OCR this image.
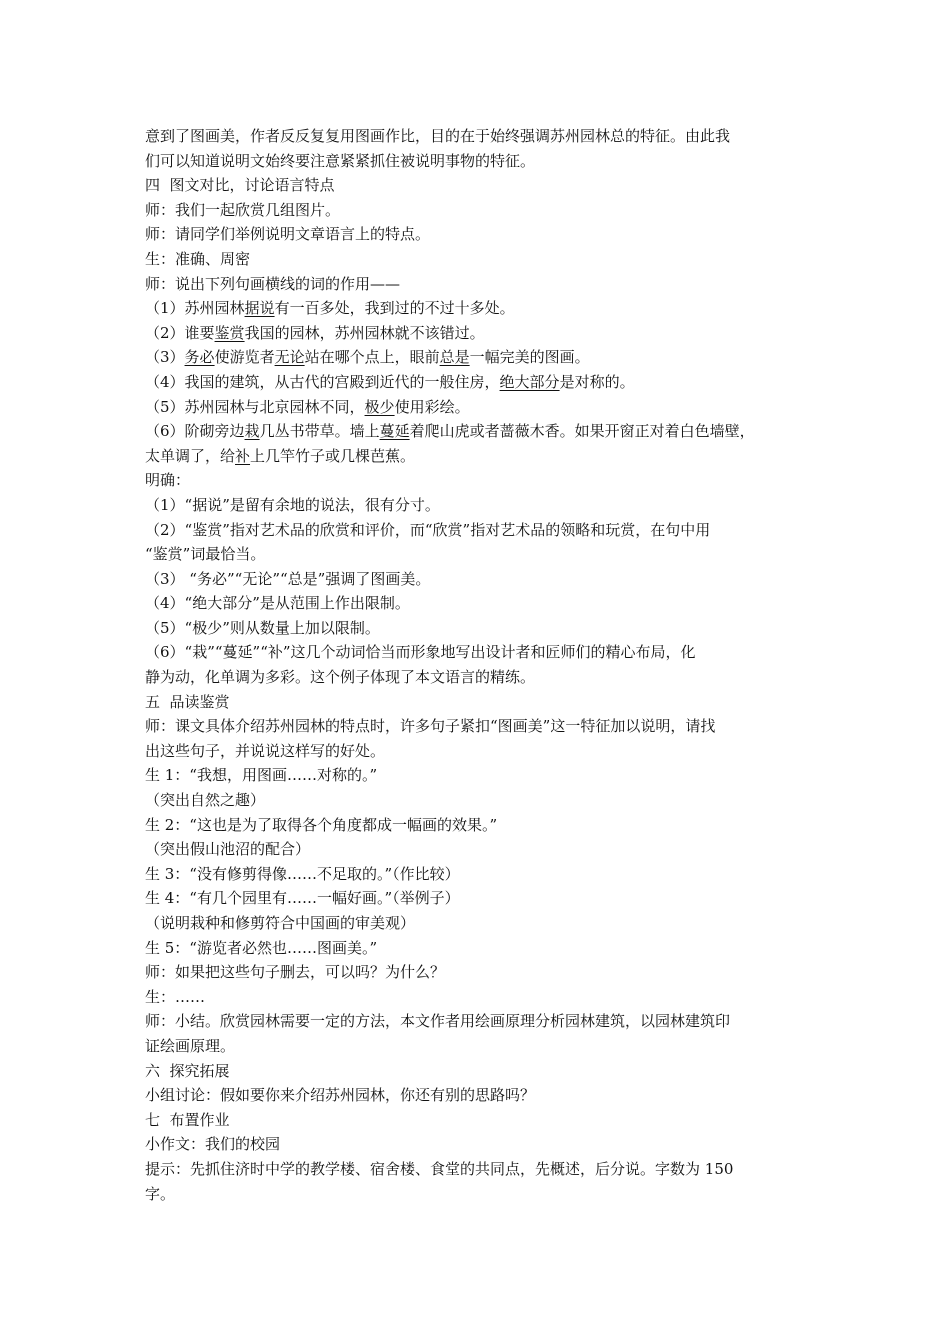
意到了图画美，作者反反复复用图画作比，目的在于始终强调苏州园林总的特征。由此我

们可以知道说明文始终要注意紧紧抓住被说明事物的特征。

四  图文对比，讨论语言特点

师：我们一起欣赏几组图片。

师：请同学们举例说明文章语言上的特点。

生：准确、周密

师：说出下列句画横线的词的作用——

（1）苏州园林据说有一百多处，我到过的不过十多处。

（2）谁要鉴赏我国的园林，苏州园林就不该错过。

（3）务必使游览者无论站在哪个点上，眼前总是一幅完美的图画。

（4）我国的建筑，从古代的宫殿到近代的一般住房，绝大部分是对称的。

（5）苏州园林与北京园林不同，极少使用彩绘。

（6）阶砌旁边栽几丛书带草。墙上蔓延着爬山虎或者蔷薇木香。如果开窗正对着白色墙壁，

太单调了，给补上几竿竹子或几棵芭蕉。

明确：

（1）“据说”是留有余地的说法，很有分寸。

（2）“鉴赏”指对艺术品的欣赏和评价，而“欣赏”指对艺术品的领略和玩赏，在句中用

“鉴赏”词最恰当。

（3） “务必”“无论”“总是”强调了图画美。

（4）“绝大部分”是从范围上作出限制。

（5）“极少”则从数量上加以限制。

（6）“栽”“蔓延”“补”这几个动词恰当而形象地写出设计者和匠师们的精心布局，化

静为动，化单调为多彩。这个例子体现了本文语言的精练。

五  品读鉴赏

师：课文具体介绍苏州园林的特点时，许多句子紧扣“图画美”这一特征加以说明，请找

出这些句子，并说说这样写的好处。

生 1：“我想，用图画……对称的。”

（突出自然之趣）

生 2：“这也是为了取得各个角度都成一幅画的效果。”

（突出假山池沼的配合）

生 3：“没有修剪得像……不足取的。”（作比较）

生 4：“有几个园里有……一幅好画。”（举例子）

（说明栽种和修剪符合中国画的审美观）

生 5：“游览者必然也……图画美。”

师：如果把这些句子删去，可以吗？为什么？

生：……

师：小结。欣赏园林需要一定的方法，本文作者用绘画原理分析园林建筑，以园林建筑印

证绘画原理。

六  探究拓展

小组讨论：假如要你来介绍苏州园林，你还有别的思路吗？

七  布置作业

小作文：我们的校园

提示：先抓住济时中学的教学楼、宿舍楼、食堂的共同点，先概述，后分说。字数为 150

字。
